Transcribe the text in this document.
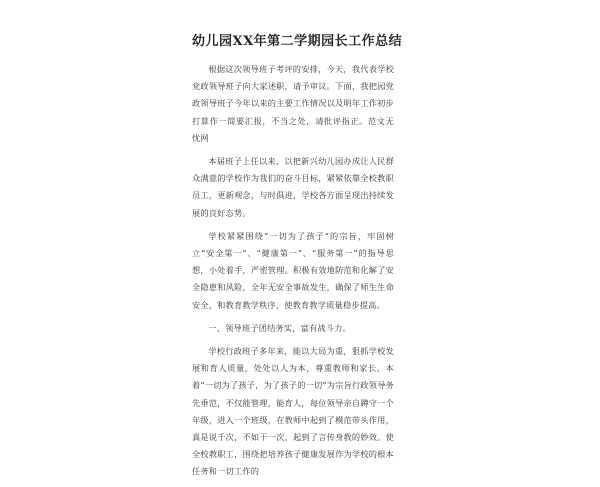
幼儿园XX年第二学期园长工作总结

根据这次领导班子考评的安排，今天，我代表学校党政领导班子向大家述职，请予审议。下面，我把园党政领导班子今年以来的主要工作情况以及明年工作初步打算作一简要汇报，不当之处，请批评指正。范文无 忧网

本届班子上任以来，以把新兴幼儿园办成让人民群众满意的学校作为我们的奋斗目标，紧紧依靠全校教职员工，更新观念，与时俱进，学校各方面呈现出持续发展的良好态势。

学校紧紧围绕“一切为了孩子”的宗旨，牢固树立“安全第一”、“健康第一”、“服务第一”的指导思想，小处着手，严密管理。积极有效地防范和化解了安全隐患和风险，全年无安全事故发生，确保了师生生命安全，和教育教学秩序，使教育教学质量稳步提高。

一、领导班子团结务实，富有战斗力。

学校行政班子多年来，能以大局为重，狠抓学校发展和育人质量，处处以人为本，尊重教师和家长，本着“一切为了孩子，为了孩子的一切”为宗旨行政领导务先垂范，不仅能管理，能育人，每位领导亲自蹲守一个年级，进入一个班级，在教师中起到了模范带头作用，真是说千次，不如干一次，起到了言传身教的妙效。使全校教职工，围绕把培养孩子健康发展作为学校的根本任务和一切工作的
